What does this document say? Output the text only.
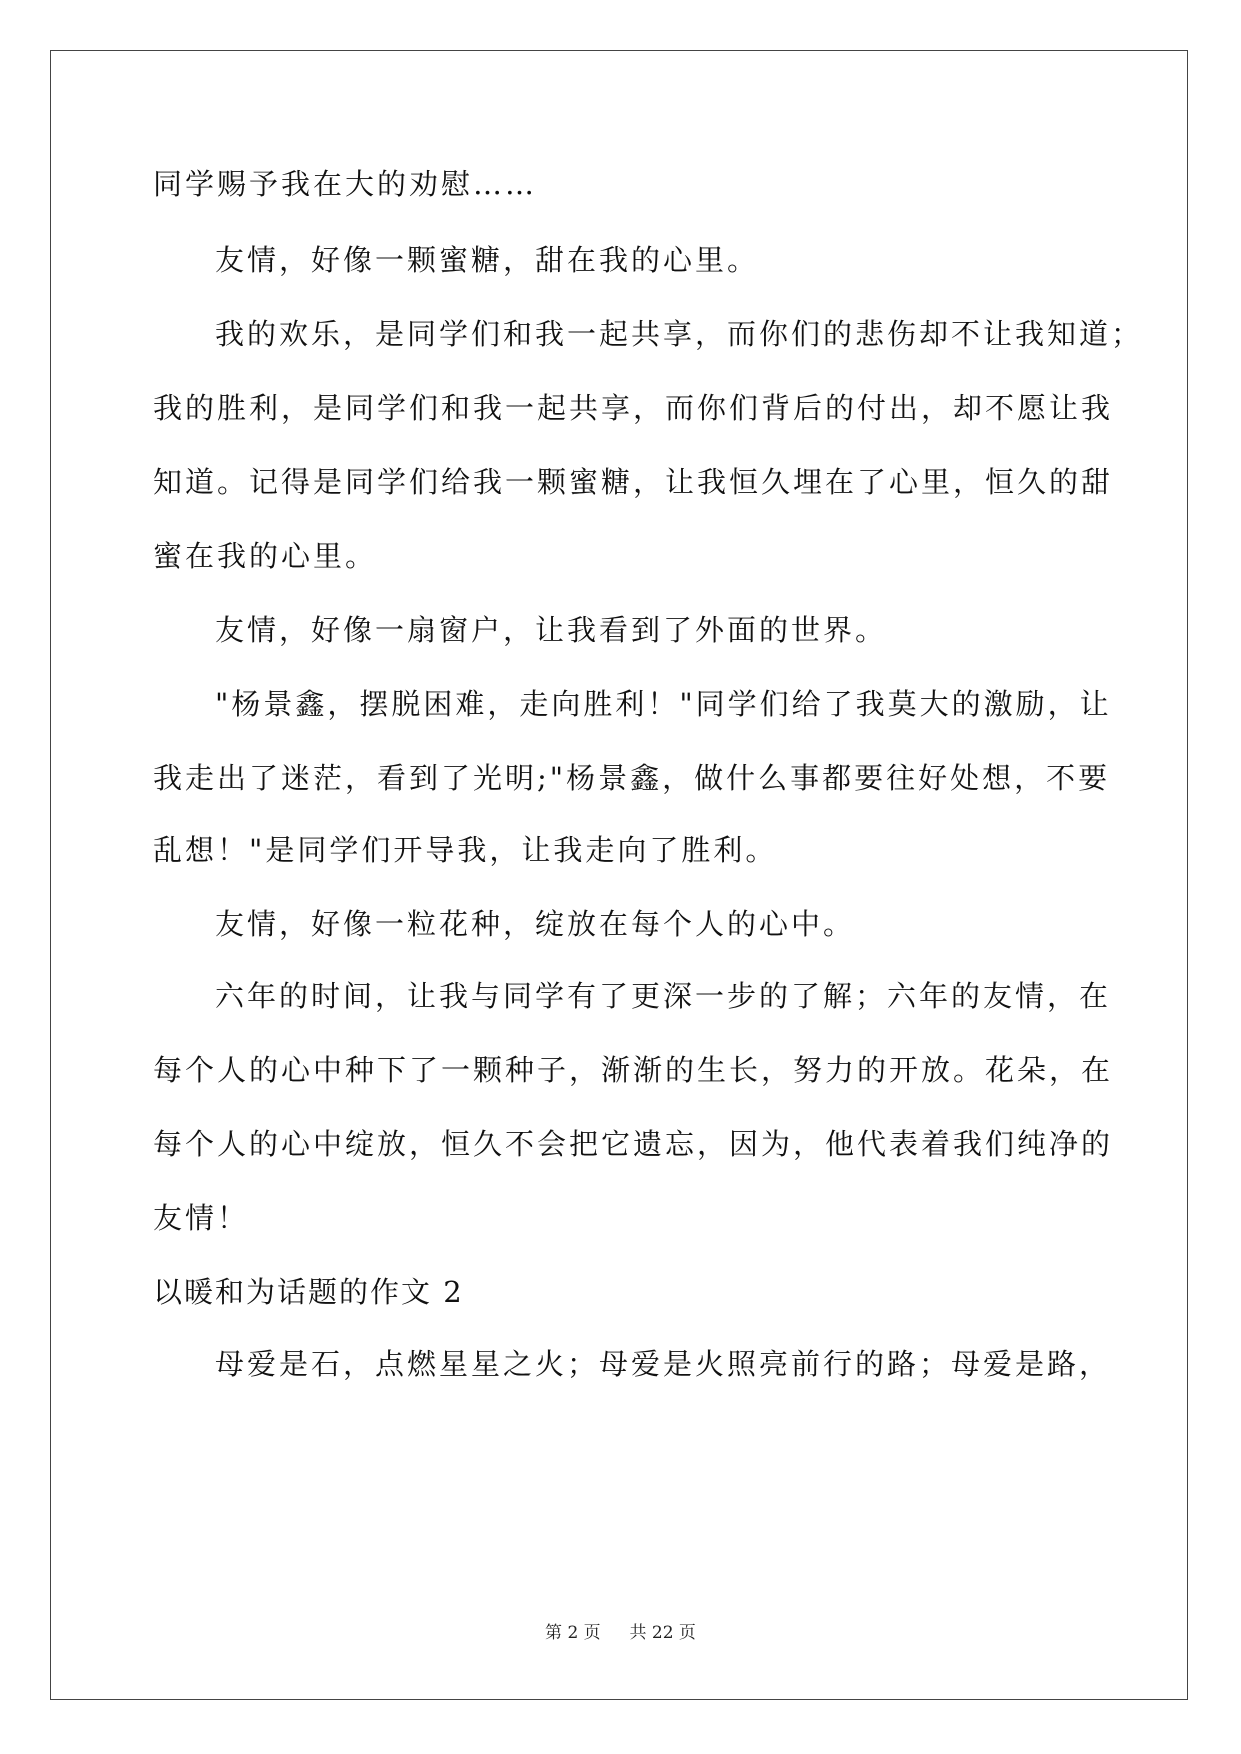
同学赐予我在大的劝慰……
友情，好像一颗蜜糖，甜在我的心里。
我的欢乐，是同学们和我一起共享，而你们的悲伤却不让我知道；
我的胜利，是同学们和我一起共享，而你们背后的付出，却不愿让我
知道。记得是同学们给我一颗蜜糖，让我恒久埋在了心里，恒久的甜
蜜在我的心里。
友情，好像一扇窗户，让我看到了外面的世界。
"杨景鑫，摆脱困难，走向胜利！"同学们给了我莫大的激励，让
我走出了迷茫，看到了光明;"杨景鑫，做什么事都要往好处想，不要
乱想！"是同学们开导我，让我走向了胜利。
友情，好像一粒花种，绽放在每个人的心中。
六年的时间，让我与同学有了更深一步的了解；六年的友情，在
每个人的心中种下了一颗种子，渐渐的生长，努力的开放。花朵，在
每个人的心中绽放，恒久不会把它遗忘，因为，他代表着我们纯净的
友情！
以暖和为话题的作文 2
母爱是石，点燃星星之火；母爱是火照亮前行的路；母爱是路，
第 2 页 共 22 页
